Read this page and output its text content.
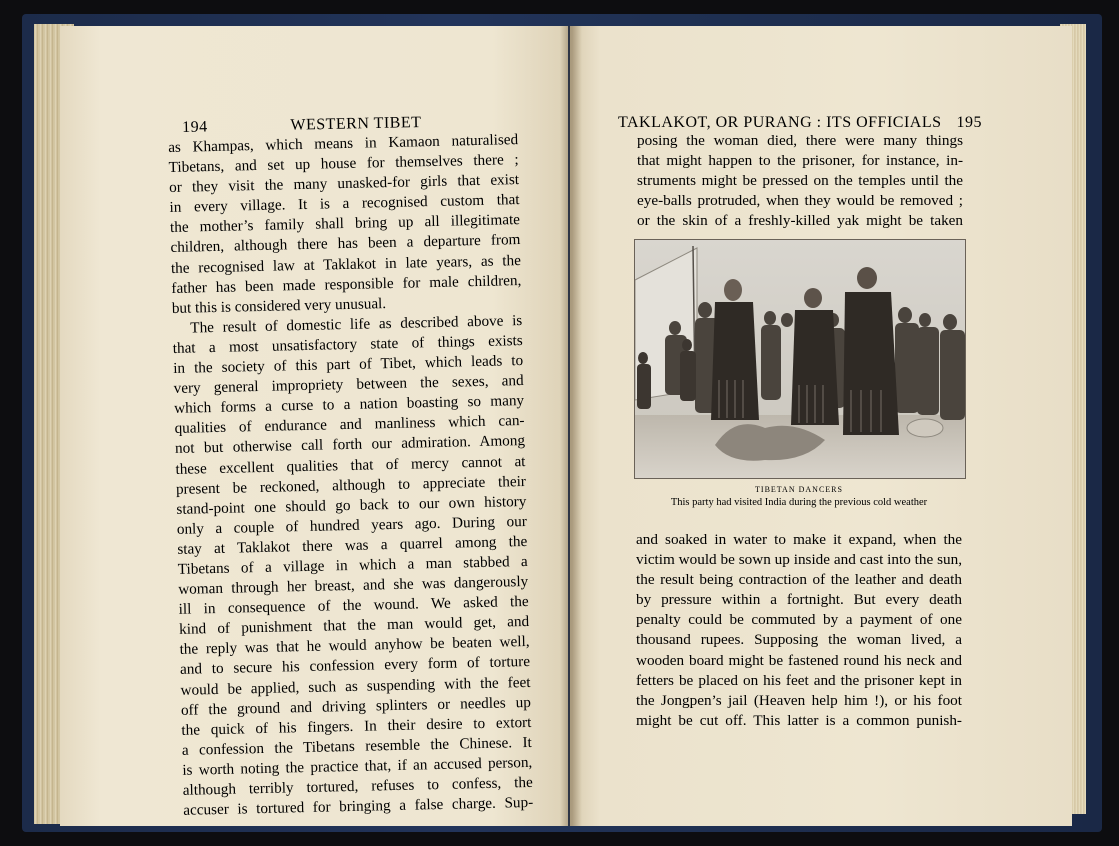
194	WESTERN TIBET
as Khampas, which means in Kamaon naturalised
Tibetans, and set up house for themselves there ;
or they visit the many unasked-for girls that exist
in every village. It is a recognised custom that
the mother’s family shall bring up all illegitimate
children, although there has been a departure from
the recognised law at Taklakot in late years, as the
father has been made responsible for male children,
but this is considered very unusual.
The result of domestic life as described above is
that a most unsatisfactory state of things exists
in the society of this part of Tibet, which leads to
very general impropriety between the sexes, and
which forms a curse to a nation boasting so many
qualities of endurance and manliness which can-
not but otherwise call forth our admiration. Among
these excellent qualities that of mercy cannot at
present be reckoned, although to appreciate their
stand-point one should go back to our own history
only a couple of hundred years ago. During our
stay at Taklakot there was a quarrel among the
Tibetans of a village in which a man stabbed a
woman through her breast, and she was dangerously
ill in consequence of the wound. We asked the
kind of punishment that the man would get, and
the reply was that he would anyhow be beaten well,
and to secure his confession every form of torture
would be applied, such as suspending with the feet
off the ground and driving splinters or needles up
the quick of his fingers. In their desire to extort
a confession the Tibetans resemble the Chinese. It
is worth noting the practice that, if an accused person,
although terribly tortured, refuses to confess, the
accuser is tortured for bringing a false charge. Sup-
TAKLAKOT, OR PURANG : ITS OFFICIALS 195
posing the woman died, there were many things
that might happen to the prisoner, for instance, in-
struments might be pressed on the temples until the
eye-balls protruded, when they would be removed ;
or the skin of a freshly-killed yak might be taken
TIBETAN DANCERS
This party had visited India during the previous cold weather
and soaked in water to make it expand, when the
victim would be sown up inside and cast into the sun,
the result being contraction of the leather and death
by pressure within a fortnight. But every death
penalty could be commuted by a payment of one
thousand rupees. Supposing the woman lived, a
wooden board might be fastened round his neck and
fetters be placed on his feet and the prisoner kept in
the Jongpen’s jail (Heaven help him !), or his foot
might be cut off. This latter is a common punish-
